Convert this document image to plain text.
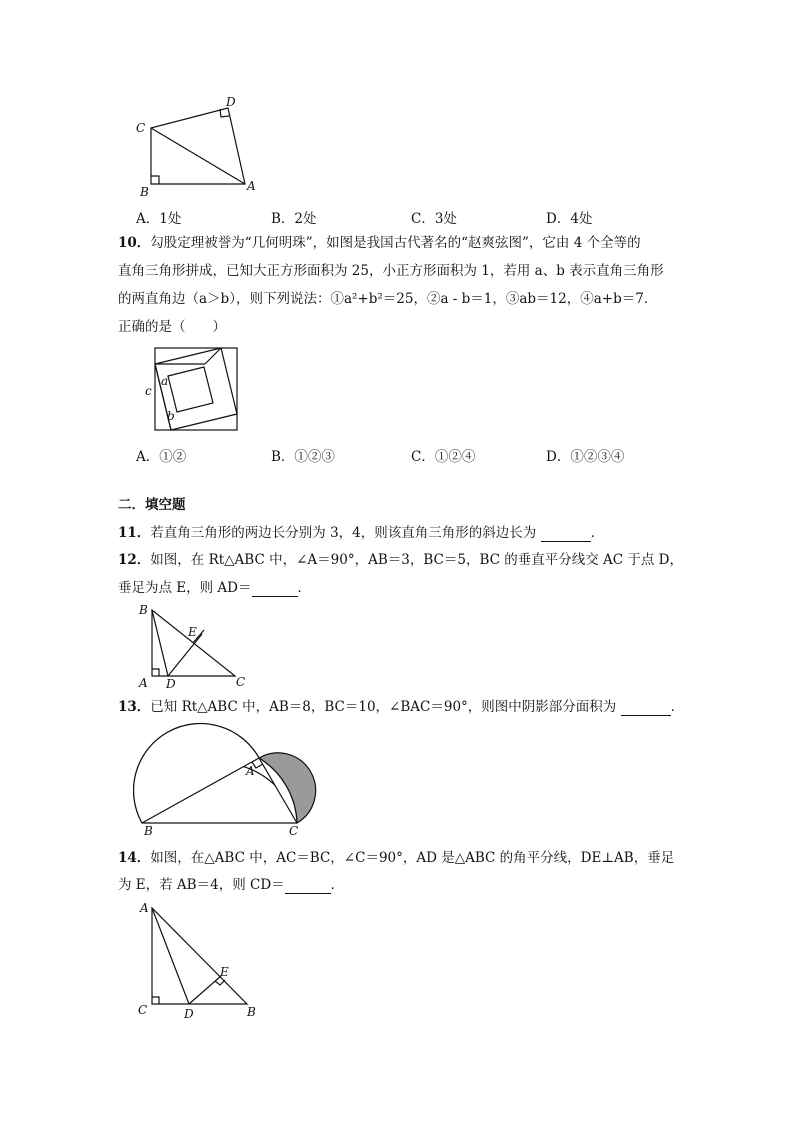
C
D
B	A
A．1处	B．2处	C．3处	D．4处
10．勾股定理被誉为“几何明珠”，如图是我国古代著名的“赵爽弦图”，它由 4 个全等的
直角三角形拼成，已知大正方形面积为 25，小正方形面积为 1，若用 a、b 表示直角三角形
的两直角边（a＞b），则下列说法：①a²+b²＝25，②a - b＝1，③ab＝12，④a+b＝7．
正确的是（　　）
c
a
b
A．①②	B．①②③	C．①②④	D．①②③④
二．填空题
11．若直角三角形的两边长分别为 3，4，则该直角三角形的斜边长为	．
12．如图，在 Rt△ABC 中，∠A＝90°，AB＝3，BC＝5，BC 的垂直平分线交 AC 于点 D，
垂足为点 E，则 AD＝	．
B
E
A D	C
13．已知 Rt△ABC 中，AB＝8，BC＝10，∠BAC＝90°，则图中阴影部分面积为	．
A
B	C
14．如图，在△ABC 中，AC＝BC，∠C＝90°，AD 是△ABC 的角平分线，DE⊥AB，垂足
为 E，若 AB＝4，则 CD＝	．
A
E
C	D	B
